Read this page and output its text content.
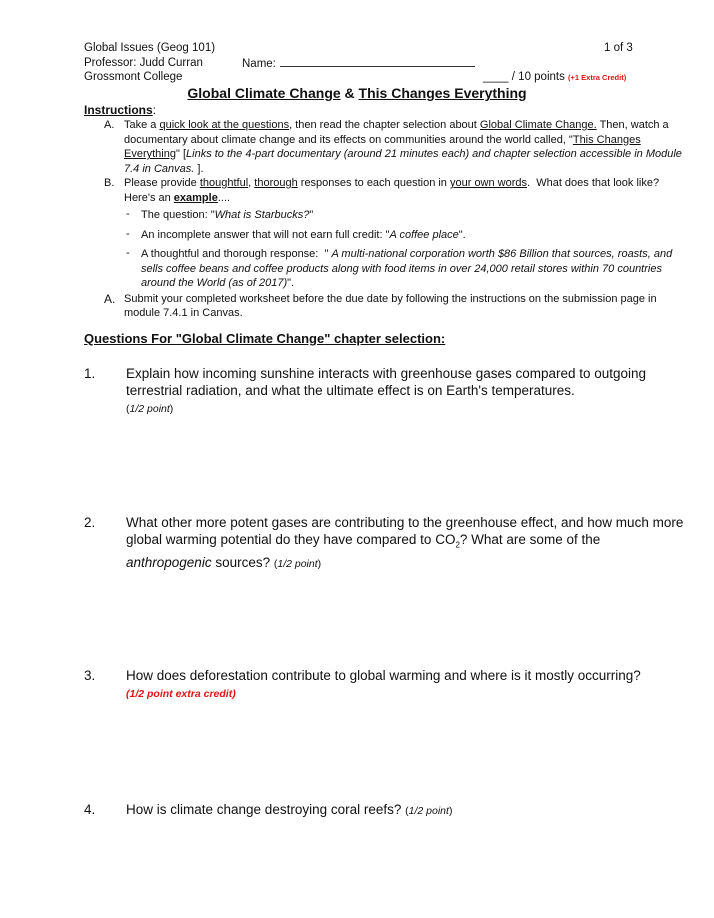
Global Issues (Geog 101)	1 of 3
Professor: Judd Curran	Name:
Grossmont College	____ / 10 points (+1 Extra Credit)
Global Climate Change & This Changes Everything
Instructions:
A. Take a quick look at the questions, then read the chapter selection about Global Climate Change. Then, watch a documentary about climate change and its effects on communities around the world called, "This Changes Everything" [Links to the 4-part documentary (around 21 minutes each) and chapter selection accessible in Module 7.4 in Canvas. ].
B. Please provide thoughtful, thorough responses to each question in your own words.  What does that look like? Here's an example....
- The question: "What is Starbucks?"
- An incomplete answer that will not earn full credit: "A coffee place".
- A thoughtful and thorough response:  " A multi-national corporation worth $86 Billion that sources, roasts, and sells coffee beans and coffee products along with food items in over 24,000 retail stores within 70 countries around the World (as of 2017)".
A. Submit your completed worksheet before the due date by following the instructions on the submission page in module 7.4.1 in Canvas.
Questions For "Global Climate Change" chapter selection:
1. Explain how incoming sunshine interacts with greenhouse gases compared to outgoing terrestrial radiation, and what the ultimate effect is on Earth's temperatures.
(1/2 point)
2. What other more potent gases are contributing to the greenhouse effect, and how much more global warming potential do they have compared to $CO_2$? What are some of the anthropogenic sources? (1/2 point)
3. How does deforestation contribute to global warming and where is it mostly occurring?
(1/2 point extra credit)
4. How is climate change destroying coral reefs? (1/2 point)
